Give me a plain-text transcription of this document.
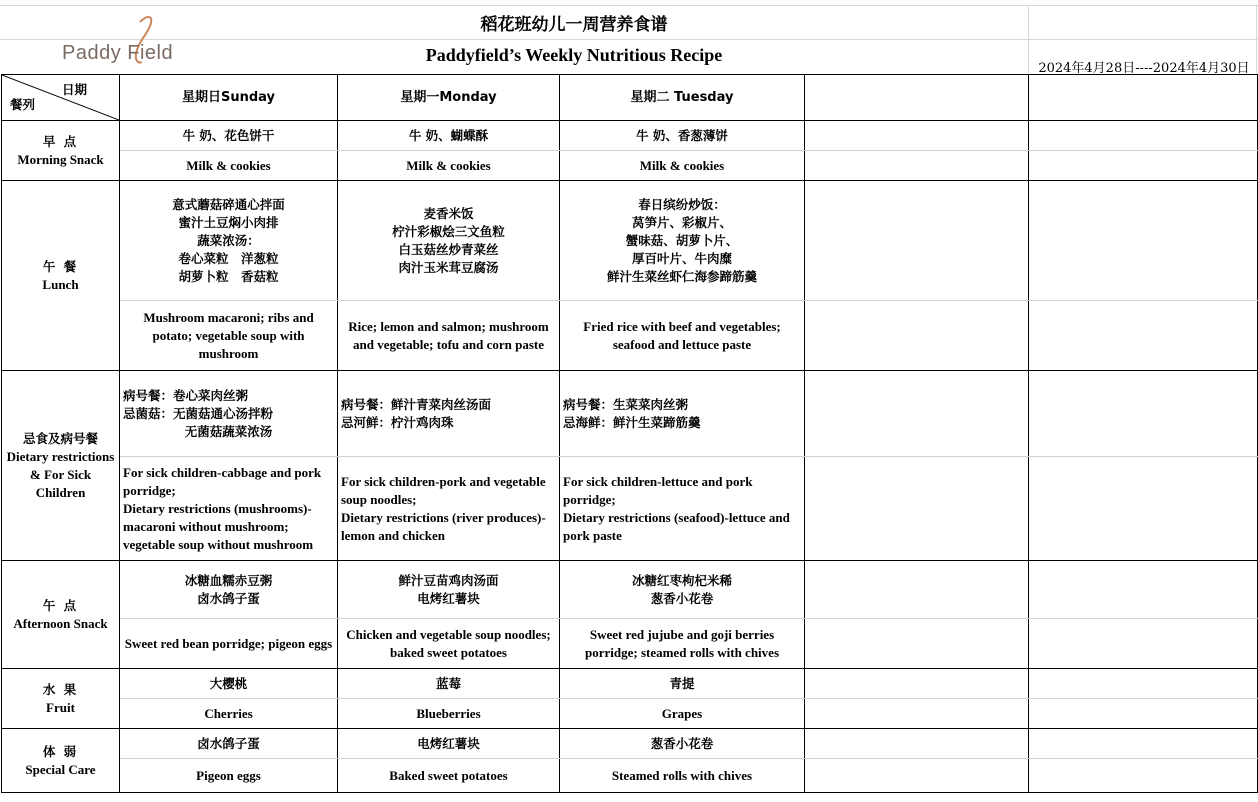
Paddy Field
稻花班幼儿一周营养食谱
Paddyfield’s Weekly Nutritious Recipe
2024年4月28日----2024年4月30日
日期
餐列	星期日Sunday	星期一Monday	星期二 Tuesday		

早 点
Morning Snack	牛 奶、花色饼干	牛 奶、蝴蝶酥	牛 奶、香葱薄饼		
	Milk & cookies	Milk & cookies	Milk & cookies		

午 餐
Lunch	意式蘑菇碎通心拌面
蜜汁土豆焖小肉排
蔬菜浓汤：
卷心菜粒　洋葱粒
胡萝卜粒　香菇粒	麦香米饭
柠汁彩椒烩三文鱼粒
白玉菇丝炒青菜丝
肉汁玉米茸豆腐汤	春日缤纷炒饭：
莴笋片、彩椒片、
蟹味菇、胡萝卜片、
厚百叶片、牛肉糜
鲜汁生菜丝虾仁海参蹄筋羹		

	Mushroom macaroni; ribs and potato; vegetable soup with mushroom	Rice; lemon and salmon; mushroom and vegetable; tofu and corn paste	Fried rice with beef and vegetables; seafood and lettuce paste		

忌食及病号餐
Dietary restrictions & For Sick Children	病号餐：卷心菜肉丝粥
忌菌菇：无菌菇通心汤拌粉
无菌菇蔬菜浓汤	病号餐：鲜汁青菜肉丝汤面
忌河鲜：柠汁鸡肉珠	病号餐：生菜菜肉丝粥
忌海鲜：鲜汁生菜蹄筋羹		

	For sick children-cabbage and pork porridge;
Dietary restrictions (mushrooms)-macaroni without mushroom; vegetable soup without mushroom	For sick children-pork and vegetable soup noodles;
Dietary restrictions (river produces)-lemon and chicken	For sick children-lettuce and pork porridge;
Dietary restrictions (seafood)-lettuce and pork paste		

午 点
Afternoon Snack	冰糖血糯赤豆粥
卤水鸽子蛋	鲜汁豆苗鸡肉汤面
电烤红薯块	冰糖红枣枸杞米稀
葱香小花卷		

	Sweet red bean porridge; pigeon eggs	Chicken and vegetable soup noodles; baked sweet potatoes	Sweet red jujube and goji berries porridge; steamed rolls with chives		

水 果
Fruit	大樱桃	蓝莓	青提		
	Cherries	Blueberries	Grapes		

体 弱
Special Care	卤水鸽子蛋	电烤红薯块	葱香小花卷		
	Pigeon eggs	Baked sweet potatoes	Steamed rolls with chives		
